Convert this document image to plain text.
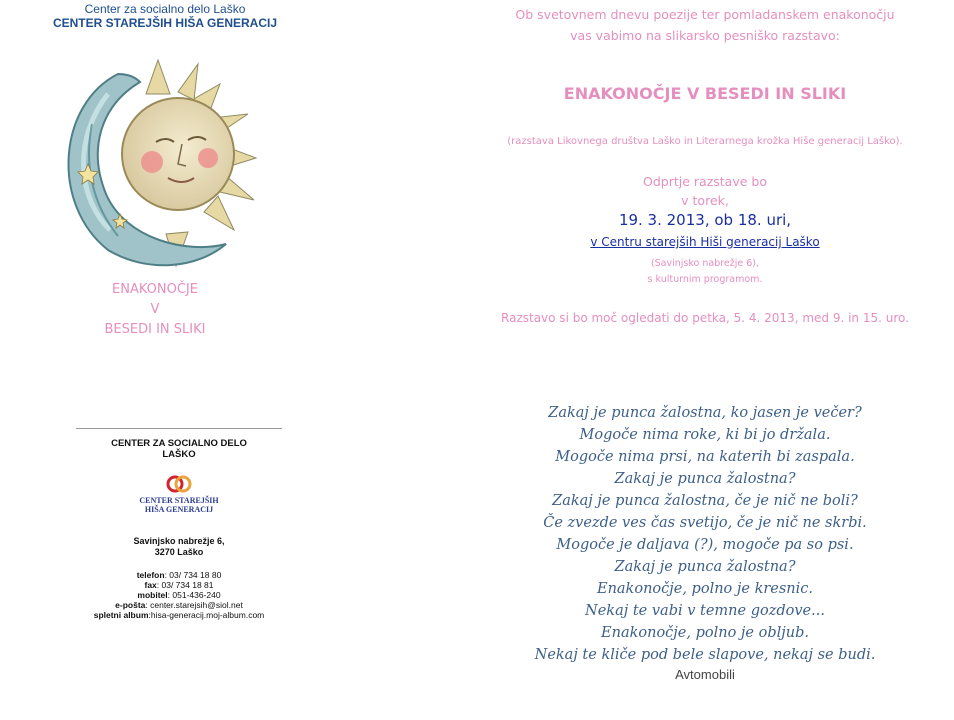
Center za socialno delo Laško
CENTER STAREJŠIH HIŠA GENERACIJ
ENAKONOČJE
V
BESEDI IN SLIKI
CENTER ZA SOCIALNO DELO
LAŠKO
CENTER STAREJŠIH
HIŠA GENERACIJ
Savinjsko nabrežje 6,
3270 Laško
telefon: 03/ 734 18 80
fax: 03/ 734 18 81
mobitel: 051-436-240
e-pošta: center.starejsih@siol.net
spletni album:hisa-generacij.moj-album.com
Ob svetovnem dnevu poezije ter pomladanskem enakonočju
vas vabimo na slikarsko pesniško razstavo:
ENAKONOČJE V BESEDI IN SLIKI
(razstava Likovnega društva Laško in Literarnega krožka Hiše generacij Laško).
Odprtje razstave bo
v torek,
19. 3. 2013, ob 18. uri,
v Centru starejših Hiši generacij Laško
(Savinjsko nabrežje 6),
s kulturnim programom.
Razstavo si bo moč ogledati do petka, 5. 4. 2013, med 9. in 15. uro.
Zakaj je punca žalostna, ko jasen je večer?
Mogoče nima roke, ki bi jo držala.
Mogoče nima prsi, na katerih bi zaspala.
Zakaj je punca žalostna?
Zakaj je punca žalostna, če je nič ne boli?
Če zvezde ves čas svetijo, če je nič ne skrbi.
Mogoče je daljava (?), mogoče pa so psi.
Zakaj je punca žalostna?
Enakonočje, polno je kresnic.
Nekaj te vabi v temne gozdove...
Enakonočje, polno je obljub.
Nekaj te kliče pod bele slapove, nekaj se budi.
Avtomobili
